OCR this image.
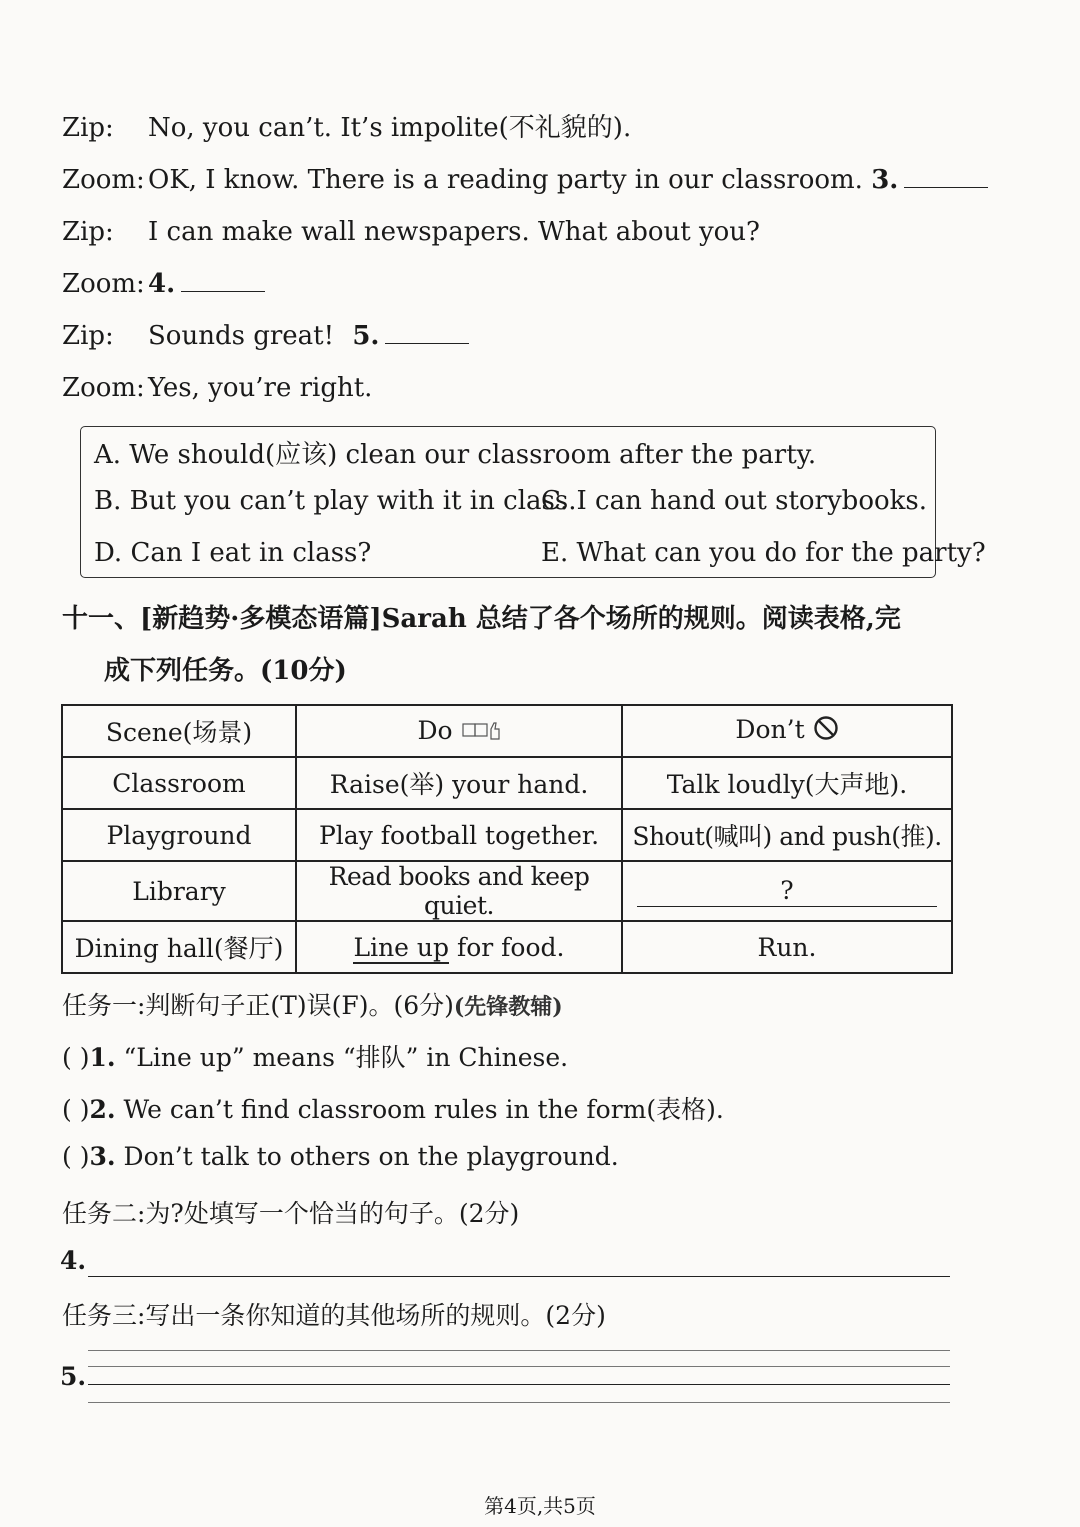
Zip: No, you can’t. It’s impolite(不礼貌的).
Zoom: OK, I know. There is a reading party in our classroom. 3.
Zip: I can make wall newspapers. What about you?
Zoom: 4.
Zip: Sounds great! 5.
Zoom: Yes, you’re right.
A. We should(应该) clean our classroom after the party.
B. But you can’t play with it in class.
C. I can hand out storybooks.
D. Can I eat in class?	E. What can you do for the party?
十一、[新趋势·多模态语篇]Sarah 总结了各个场所的规则。阅读表格,完
成下列任务。(10分)
Scene(场景)	Do	Don’t
Classroom	Raise(举) your hand.	Talk loudly(大声地).
Playground	Play football together.	Shout(喊叫) and push(推).
Library	Read books and keep quiet.	?

Dining hall(餐厅)	Line up for food.	Run.
任务一:判断句子正(T)误(F)。(6分)(先锋教辅)
( )1. “Line up” means “排队” in Chinese.
( )2. We can’t find classroom rules in the form(表格).
( )3. Don’t talk to others on the playground.
任务二:为?处填写一个恰当的句子。(2分)
4.
任务三:写出一条你知道的其他场所的规则。(2分)
5.
第4页,共5页
